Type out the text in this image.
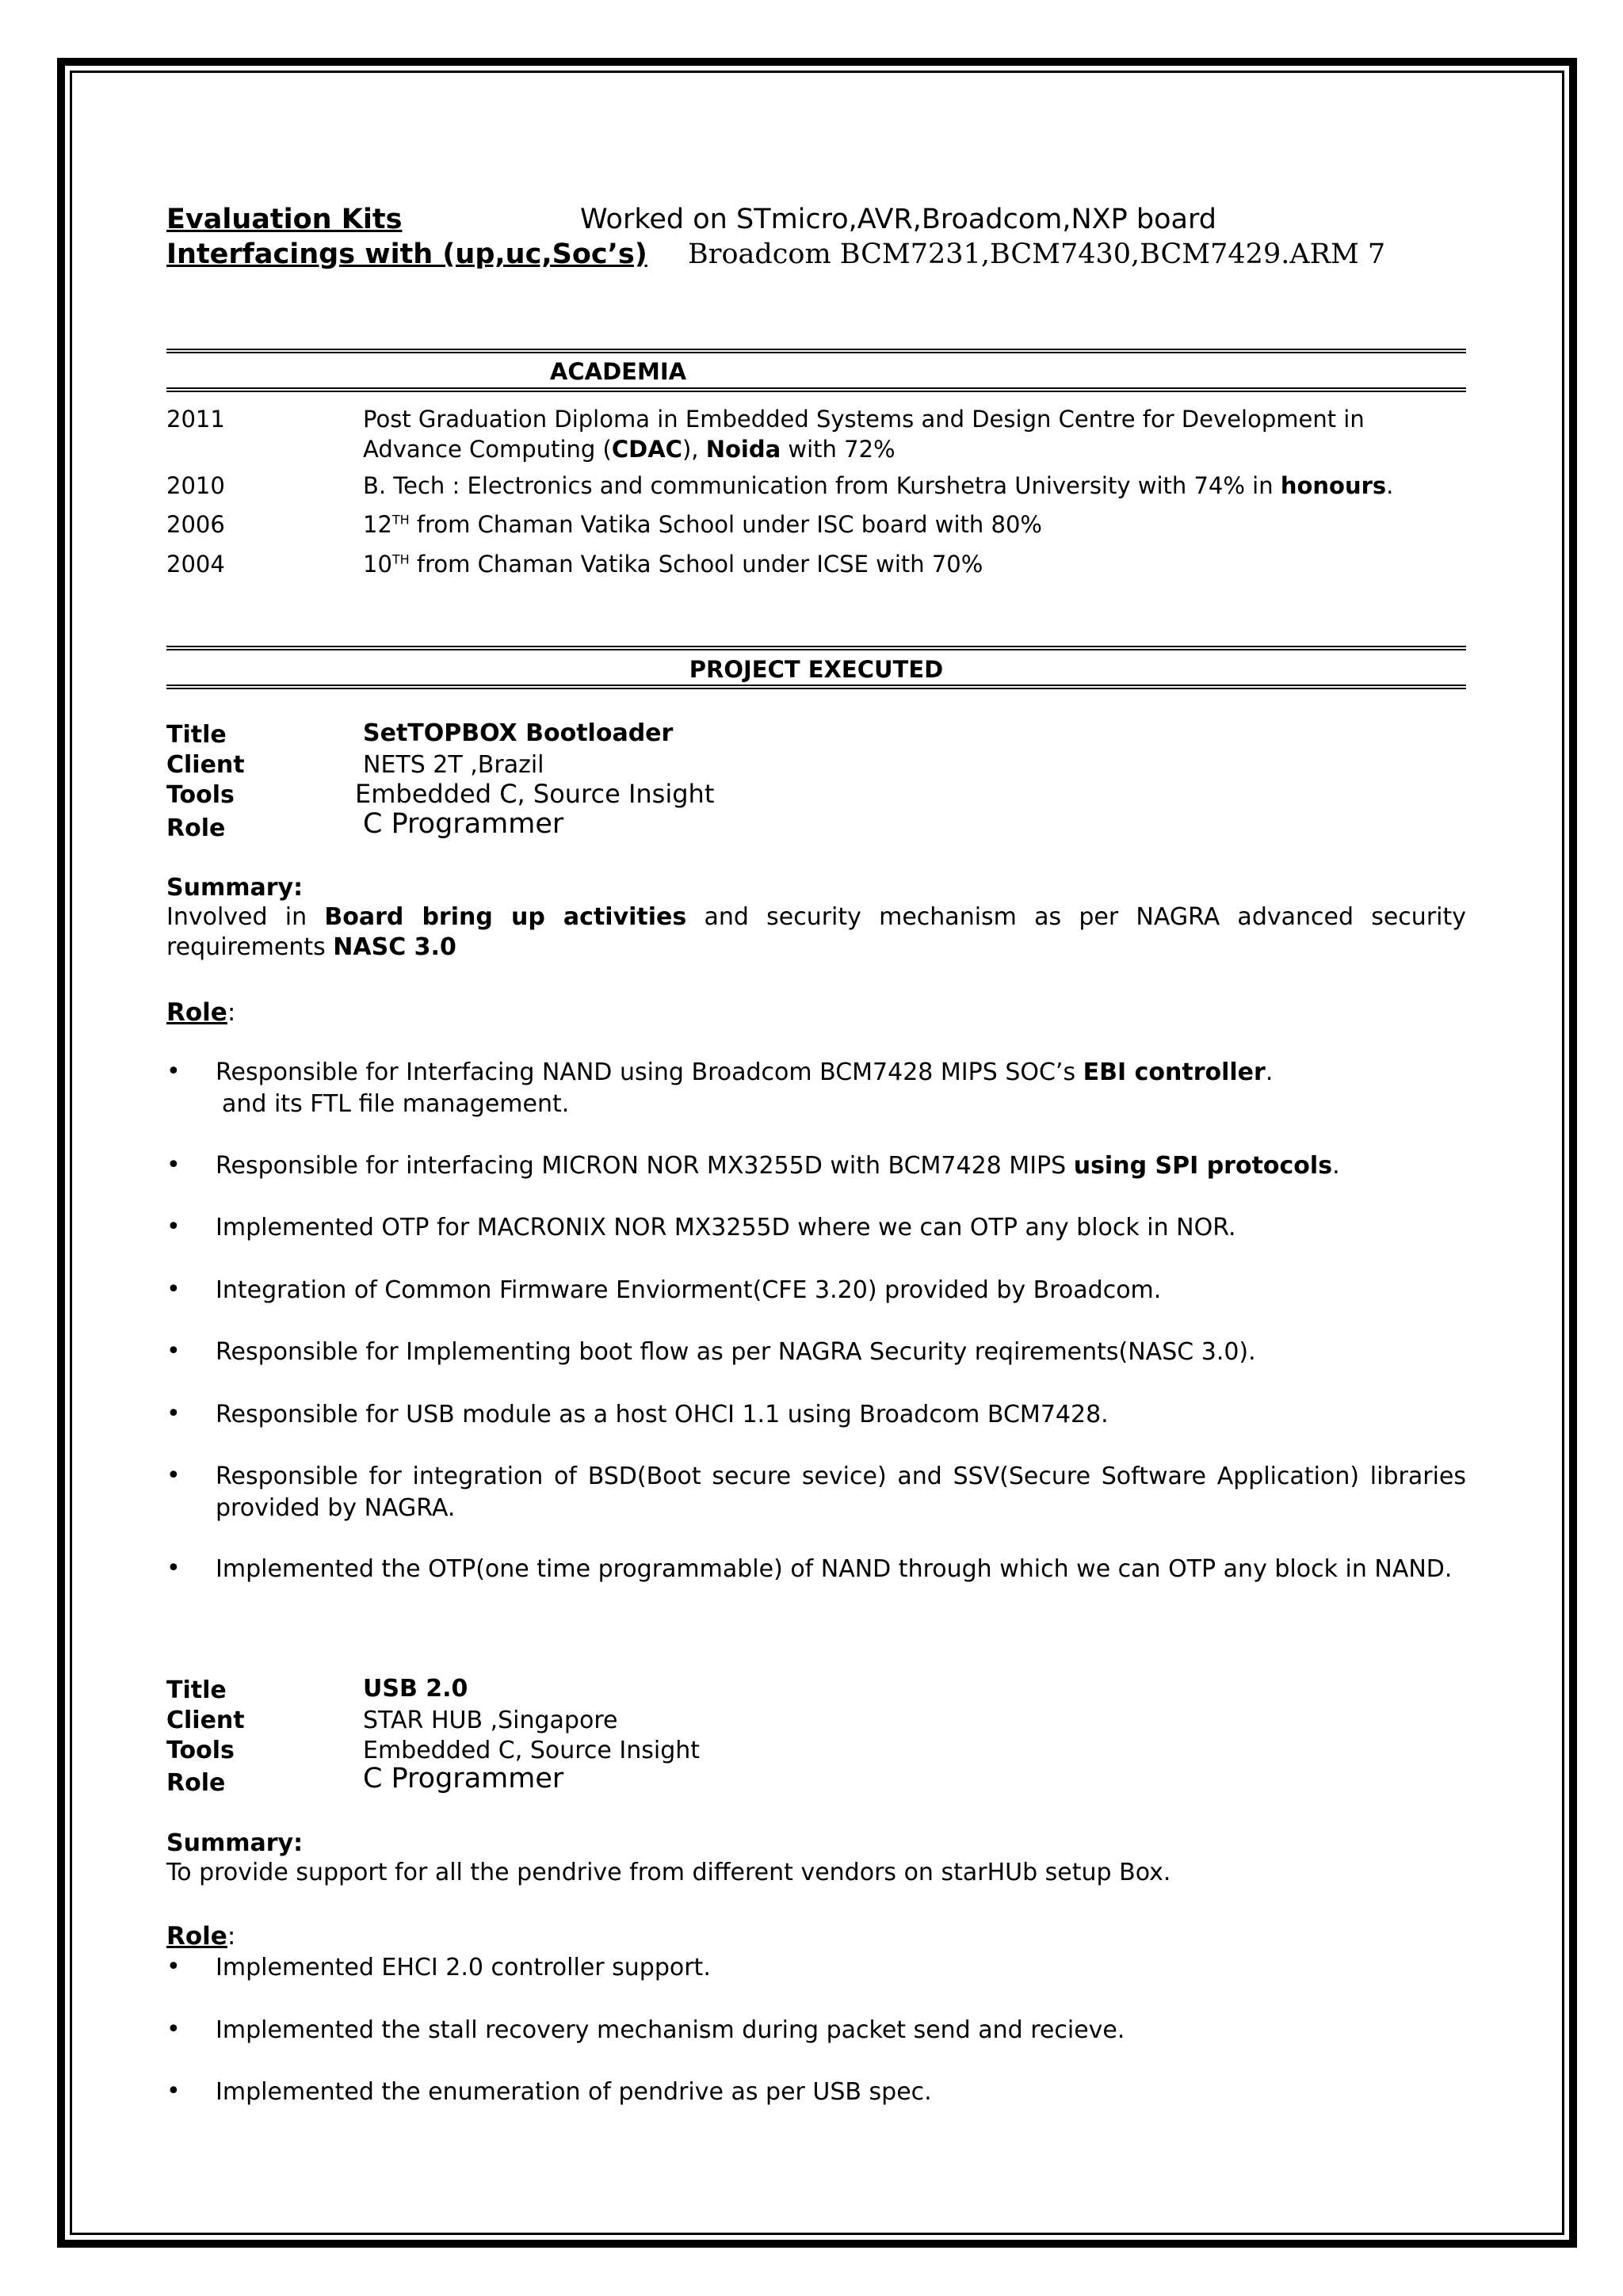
Evaluation Kits	Worked on STmicro,AVR,Broadcom,NXP board
Interfacings with (up,uc,Soc’s) Broadcom BCM7231,BCM7430,BCM7429.ARM 7
ACADEMIA
2011	Post Graduation Diploma in Embedded Systems and Design Centre for Development in Advance Computing (CDAC), Noida with 72%
2010	B. Tech : Electronics and communication from Kurshetra University with 74% in honours.
2006	12TH from Chaman Vatika School under ISC board with 80%
2004	10TH from Chaman Vatika School under ICSE with 70%
PROJECT EXECUTED
Title	SetTOPBOX Bootloader
Client	NETS 2T ,Brazil
Tools	Embedded C, Source Insight
Role	C Programmer
Summary:
Involved in Board bring up activities and security mechanism as per NAGRA advanced security requirements NASC 3.0
Role:
• Responsible for Interfacing NAND using Broadcom BCM7428 MIPS SOC’s EBI controller.
and its FTL file management.
• Responsible for interfacing MICRON NOR MX3255D with BCM7428 MIPS using SPI protocols.
• Implemented OTP for MACRONIX NOR MX3255D where we can OTP any block in NOR.
• Integration of Common Firmware Enviorment(CFE 3.20) provided by Broadcom.
• Responsible for Implementing boot flow as per NAGRA Security reqirements(NASC 3.0).
• Responsible for USB module as a host OHCI 1.1 using Broadcom BCM7428.
• Responsible for integration of BSD(Boot secure sevice) and SSV(Secure Software Application) libraries provided by NAGRA.
• Implemented the OTP(one time programmable) of NAND through which we can OTP any block in NAND.
Title	USB 2.0
Client	STAR HUB ,Singapore
Tools	Embedded C, Source Insight
Role	C Programmer
Summary:
To provide support for all the pendrive from different vendors on starHUb setup Box.
Role:
• Implemented EHCI 2.0 controller support.
• Implemented the stall recovery mechanism during packet send and recieve.
• Implemented the enumeration of pendrive as per USB spec.
